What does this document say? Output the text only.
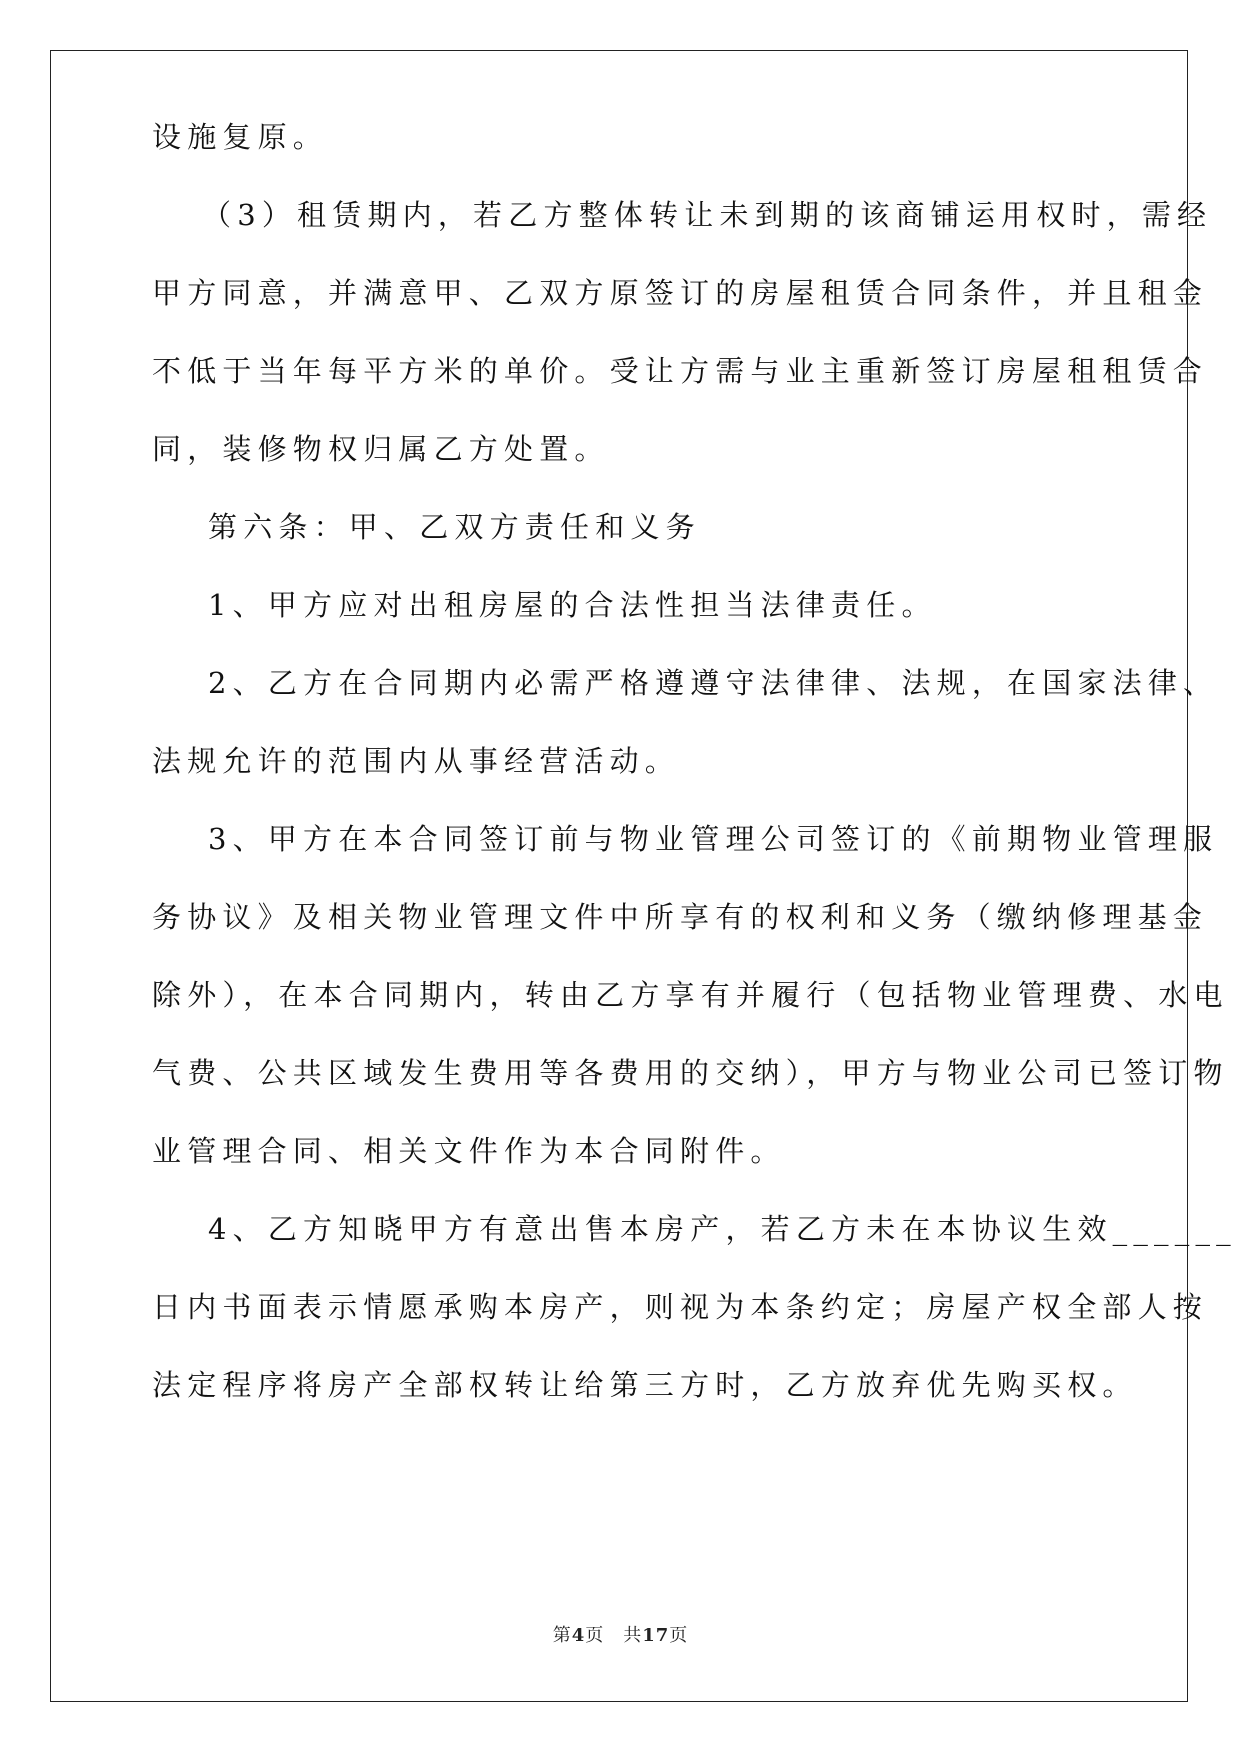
设施复原。
（3）租赁期内，若乙方整体转让未到期的该商铺运用权时，需经
甲方同意，并满意甲、乙双方原签订的房屋租赁合同条件，并且租金
不低于当年每平方米的单价。受让方需与业主重新签订房屋租租赁合
同，装修物权归属乙方处置。
第六条：甲、乙双方责任和义务
1、甲方应对出租房屋的合法性担当法律责任。
2、乙方在合同期内必需严格遵遵守法律律、法规，在国家法律、
法规允许的范围内从事经营活动。
3、甲方在本合同签订前与物业管理公司签订的《前期物业管理服
务协议》及相关物业管理文件中所享有的权利和义务（缴纳修理基金
除外），在本合同期内，转由乙方享有并履行（包括物业管理费、水电
气费、公共区域发生费用等各费用的交纳），甲方与物业公司已签订物
业管理合同、相关文件作为本合同附件。
4、乙方知晓甲方有意出售本房产，若乙方未在本协议生效______
日内书面表示情愿承购本房产，则视为本条约定；房屋产权全部人按
法定程序将房产全部权转让给第三方时，乙方放弃优先购买权。
第4页　共17页
